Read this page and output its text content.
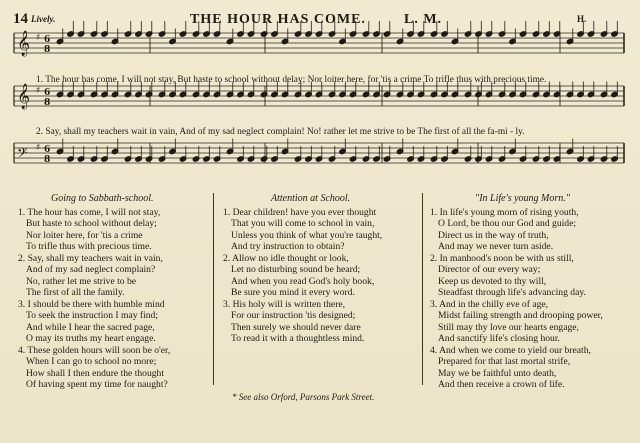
14 Lively.	THE HOUR HAS COME.	L. M.	H.
𝄞 ♯ 6
8
𝄞 ♯ 6
8
𝄢 ♯ 6
8
1. The hour has come, I will not stay, But haste to school without delay; Nor loiter here, for 'tis a crime To trifle thus with precious time.
2. Say, shall my teachers wait in vain, And of my sad neglect complain! No! rather let me strive to be The first of all the fa-mi - ly.
Going to Sabbath-school.	Attention at School.	"In Life's young Morn."
1. The hour has come, I will not stay,
But haste to school without delay;
Nor loiter here, for 'tis a crime
To trifle thus with precious time.
2. Say, shall my teachers wait in vain,
And of my sad neglect complain?
No, rather let me strive to be
The first of all the family.
3. I should be there with humble mind
To seek the instruction I may find;
And while I hear the sacred page,
O may its truths my heart engage.
4. These golden hours will soon be o'er,
When I can go to school no more;
How shall I then endure the thought
Of having spent my time for naught?
1. Dear children! have you ever thought
That you will come to school in vain,
Unless you think of what you're taught,
And try instruction to obtain?
2. Allow no idle thought or look,
Let no disturbing sound be heard;
And when you read God's holy book,
Be sure you mind it every word.
3. His holy will is written there,
For our instruction 'tis designed;
Then surely we should never dare
To read it with a thoughtless mind.
1. In life's young morn of rising youth,
O Lord, be thou our God and guide;
Direct us in the way of truth,
And may we never turn aside.
2. In manhood's noon be with us still,
Director of our every way;
Keep us devoted to thy will,
Steadfast through life's advancing day.
3. And in the chilly eve of age,
Midst failing strength and drooping power,
Still may thy love our hearts engage,
And sanctify life's closing hour.
4. And when we come to yield our breath,
Prepared for that last mortal strife,
May we be faithful unto death,
And then receive a crown of life.
* See also Orford, Parsons Park Street.
